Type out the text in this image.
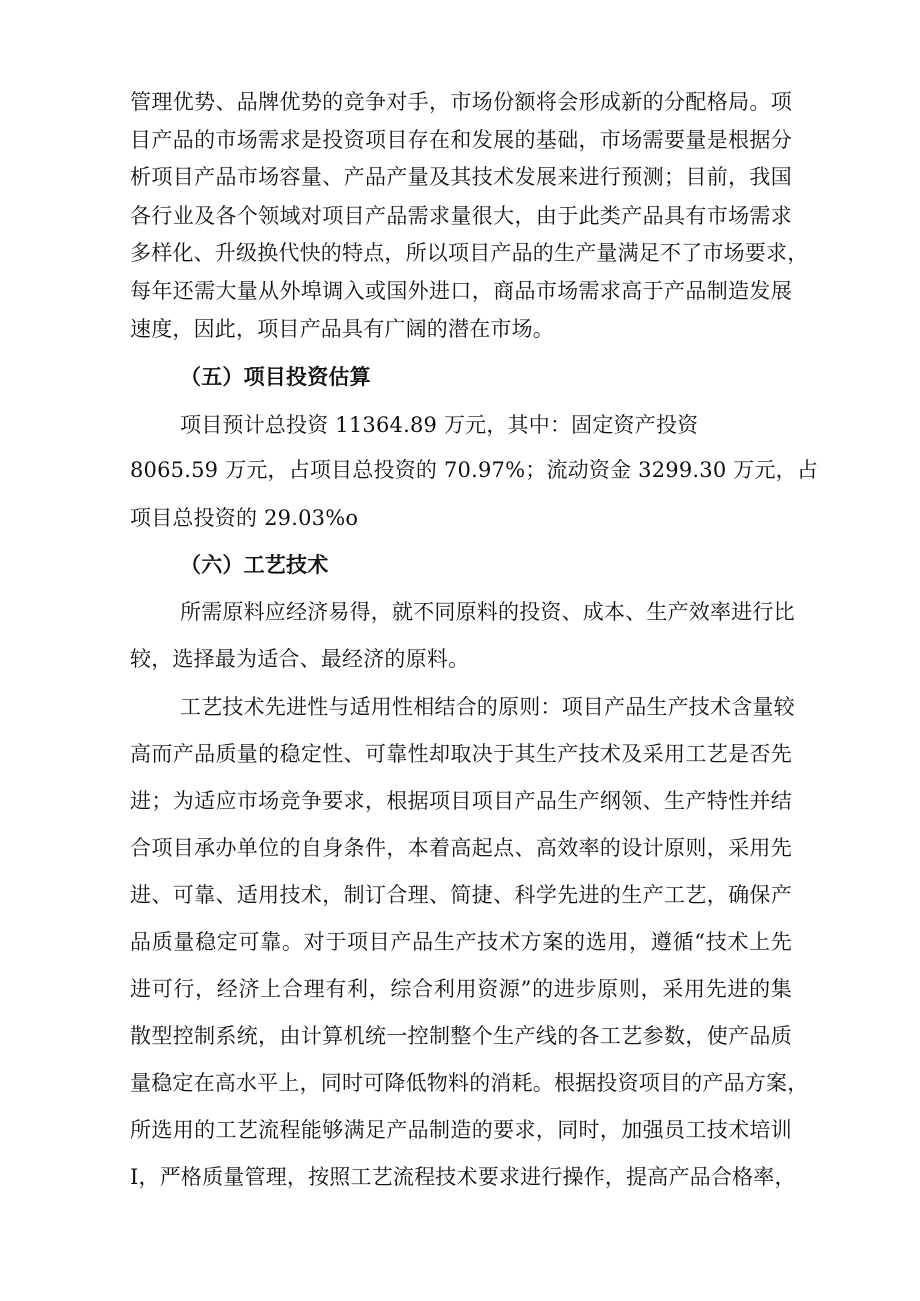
管理优势、品牌优势的竞争对手，市场份额将会形成新的分配格局。项
目产品的市场需求是投资项目存在和发展的基础，市场需要量是根据分
析项目产品市场容量、产品产量及其技术发展来进行预测；目前，我国
各行业及各个领域对项目产品需求量很大，由于此类产品具有市场需求
多样化、升级换代快的特点，所以项目产品的生产量满足不了市场要求，
每年还需大量从外埠调入或国外进口，商品市场需求高于产品制造发展
速度，因此，项目产品具有广阔的潜在市场。
（五）项目投资估算
项目预计总投资 11364.89 万元，其中：固定资产投资
8065.59 万元，占项目总投资的 70.97%；流动资金 3299.30 万元，占
项目总投资的 29.03%o
（六）工艺技术
所需原料应经济易得，就不同原料的投资、成本、生产效率进行比
较，选择最为适合、最经济的原料。
工艺技术先进性与适用性相结合的原则：项目产品生产技术含量较
高而产品质量的稳定性、可靠性却取决于其生产技术及采用工艺是否先
进；为适应市场竞争要求，根据项目项目产品生产纲领、生产特性并结
合项目承办单位的自身条件，本着高起点、高效率的设计原则，采用先
进、可靠、适用技术，制订合理、简捷、科学先进的生产工艺，确保产
品质量稳定可靠。对于项目产品生产技术方案的选用，遵循“技术上先
进可行，经济上合理有利，综合利用资源”的进步原则，采用先进的集
散型控制系统，由计算机统一控制整个生产线的各工艺参数，使产品质
量稳定在高水平上，同时可降低物料的消耗。根据投资项目的产品方案，
所选用的工艺流程能够满足产品制造的要求，同时，加强员工技术培训
I，严格质量管理，按照工艺流程技术要求进行操作，提高产品合格率，
